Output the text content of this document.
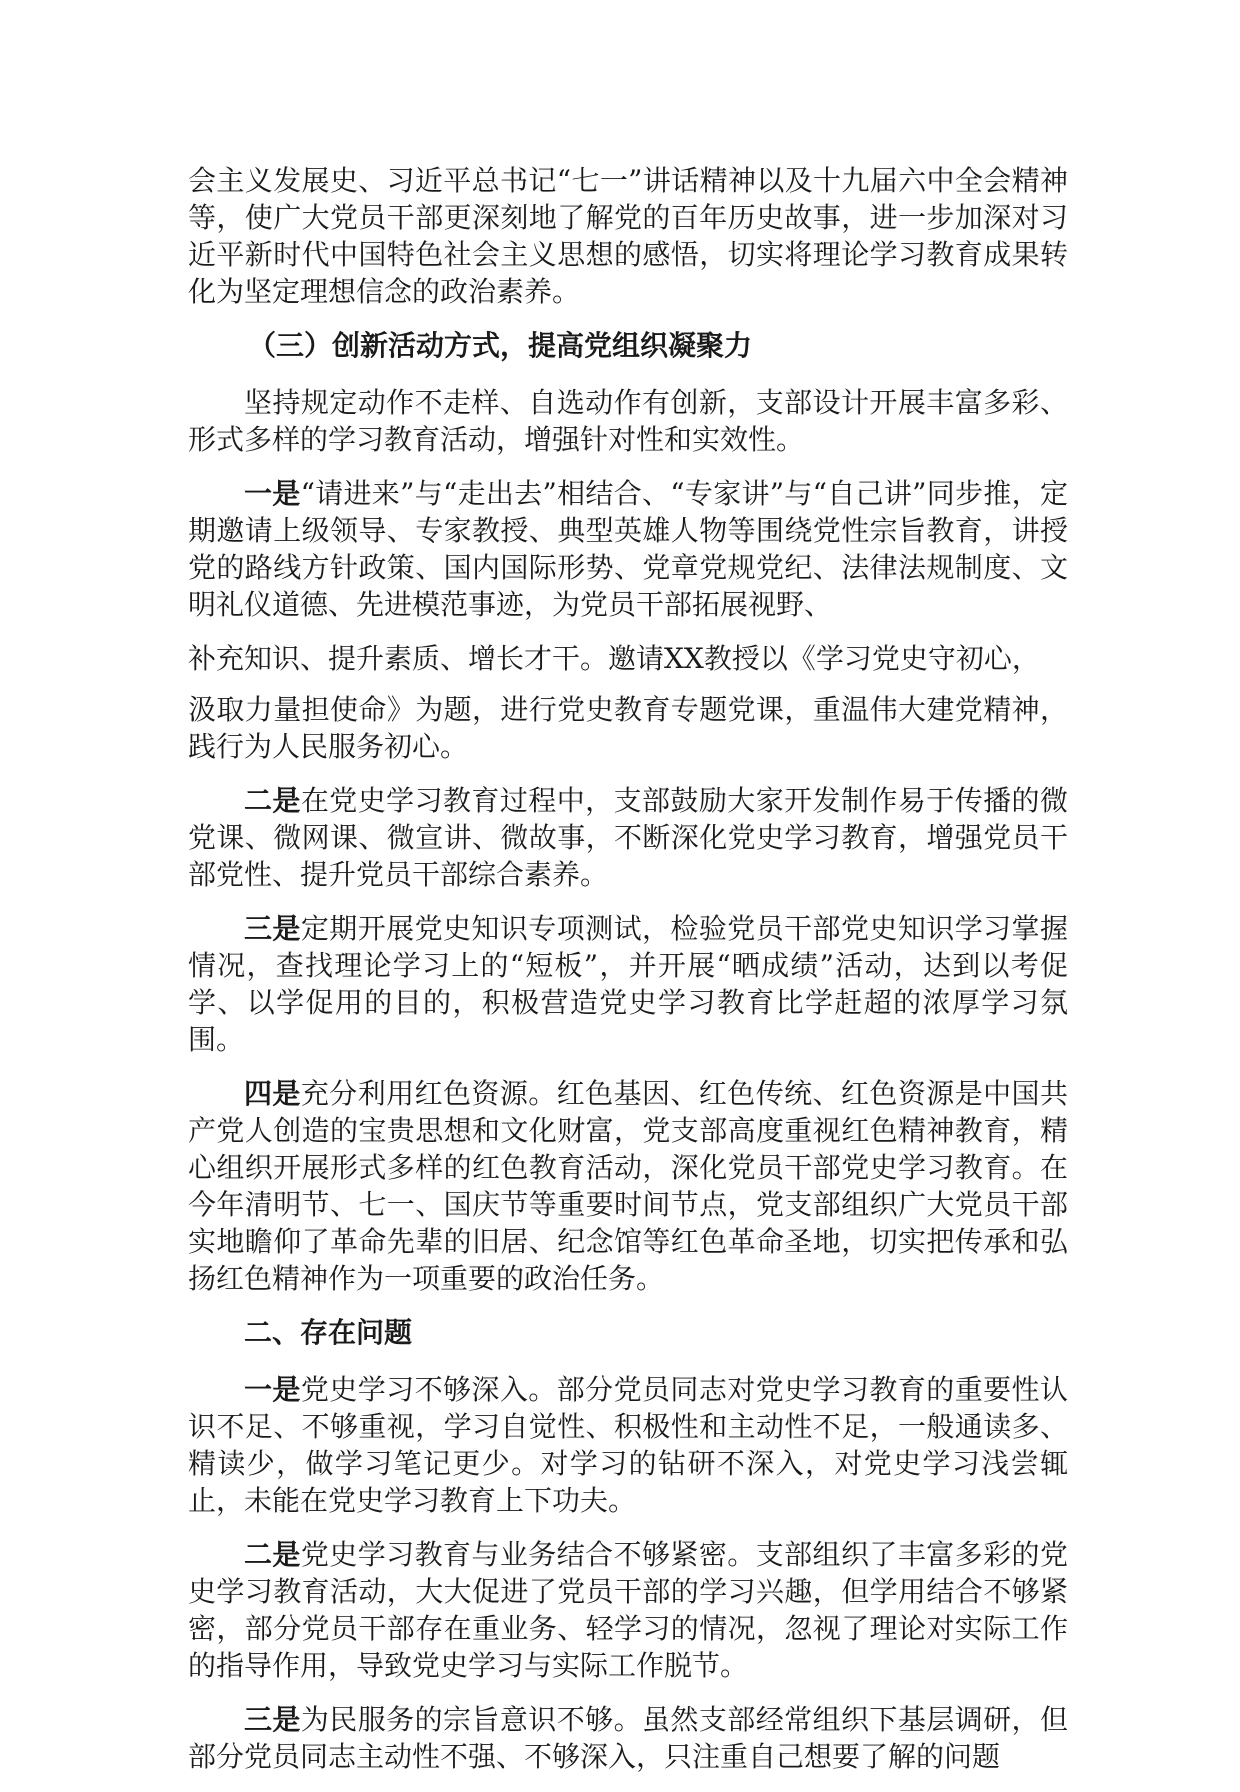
会主义发展史、习近平总书记“七一”讲话精神以及十九届六中全会精神等，使广大党员干部更深刻地了解党的百年历史故事，进一步加深对习近平新时代中国特色社会主义思想的感悟，切实将理论学习教育成果转化为坚定理想信念的政治素养。

（三）创新活动方式，提高党组织凝聚力

坚持规定动作不走样、自选动作有创新，支部设计开展丰富多彩、形式多样的学习教育活动，增强针对性和实效性。

一是“请进来”与“走出去”相结合、“专家讲”与“自己讲”同步推，定期邀请上级领导、专家教授、典型英雄人物等围绕党性宗旨教育，讲授党的路线方针政策、国内国际形势、党章党规党纪、法律法规制度、文明礼仪道德、先进模范事迹，为党员干部拓展视野、

补充知识、提升素质、增长才干。邀请XX教授以《学习党史守初心，

汲取力量担使命》为题，进行党史教育专题党课，重温伟大建党精神，践行为人民服务初心。

二是在党史学习教育过程中，支部鼓励大家开发制作易于传播的微党课、微网课、微宣讲、微故事，不断深化党史学习教育，增强党员干部党性、提升党员干部综合素养。

三是定期开展党史知识专项测试，检验党员干部党史知识学习掌握情况，查找理论学习上的“短板”，并开展“晒成绩”活动，达到以考促学、以学促用的目的，积极营造党史学习教育比学赶超的浓厚学习氛围。

四是充分利用红色资源。红色基因、红色传统、红色资源是中国共产党人创造的宝贵思想和文化财富，党支部高度重视红色精神教育，精心组织开展形式多样的红色教育活动，深化党员干部党史学习教育。在今年清明节、七一、国庆节等重要时间节点，党支部组织广大党员干部实地瞻仰了革命先辈的旧居、纪念馆等红色革命圣地，切实把传承和弘扬红色精神作为一项重要的政治任务。

二、存在问题

一是党史学习不够深入。部分党员同志对党史学习教育的重要性认识不足、不够重视，学习自觉性、积极性和主动性不足，一般通读多、精读少，做学习笔记更少。对学习的钻研不深入，对党史学习浅尝辄止，未能在党史学习教育上下功夫。

二是党史学习教育与业务结合不够紧密。支部组织了丰富多彩的党史学习教育活动，大大促进了党员干部的学习兴趣，但学用结合不够紧密，部分党员干部存在重业务、轻学习的情况，忽视了理论对实际工作的指导作用，导致党史学习与实际工作脱节。

三是为民服务的宗旨意识不够。虽然支部经常组织下基层调研，但部分党员同志主动性不强、不够深入，只注重自己想要了解的问题
